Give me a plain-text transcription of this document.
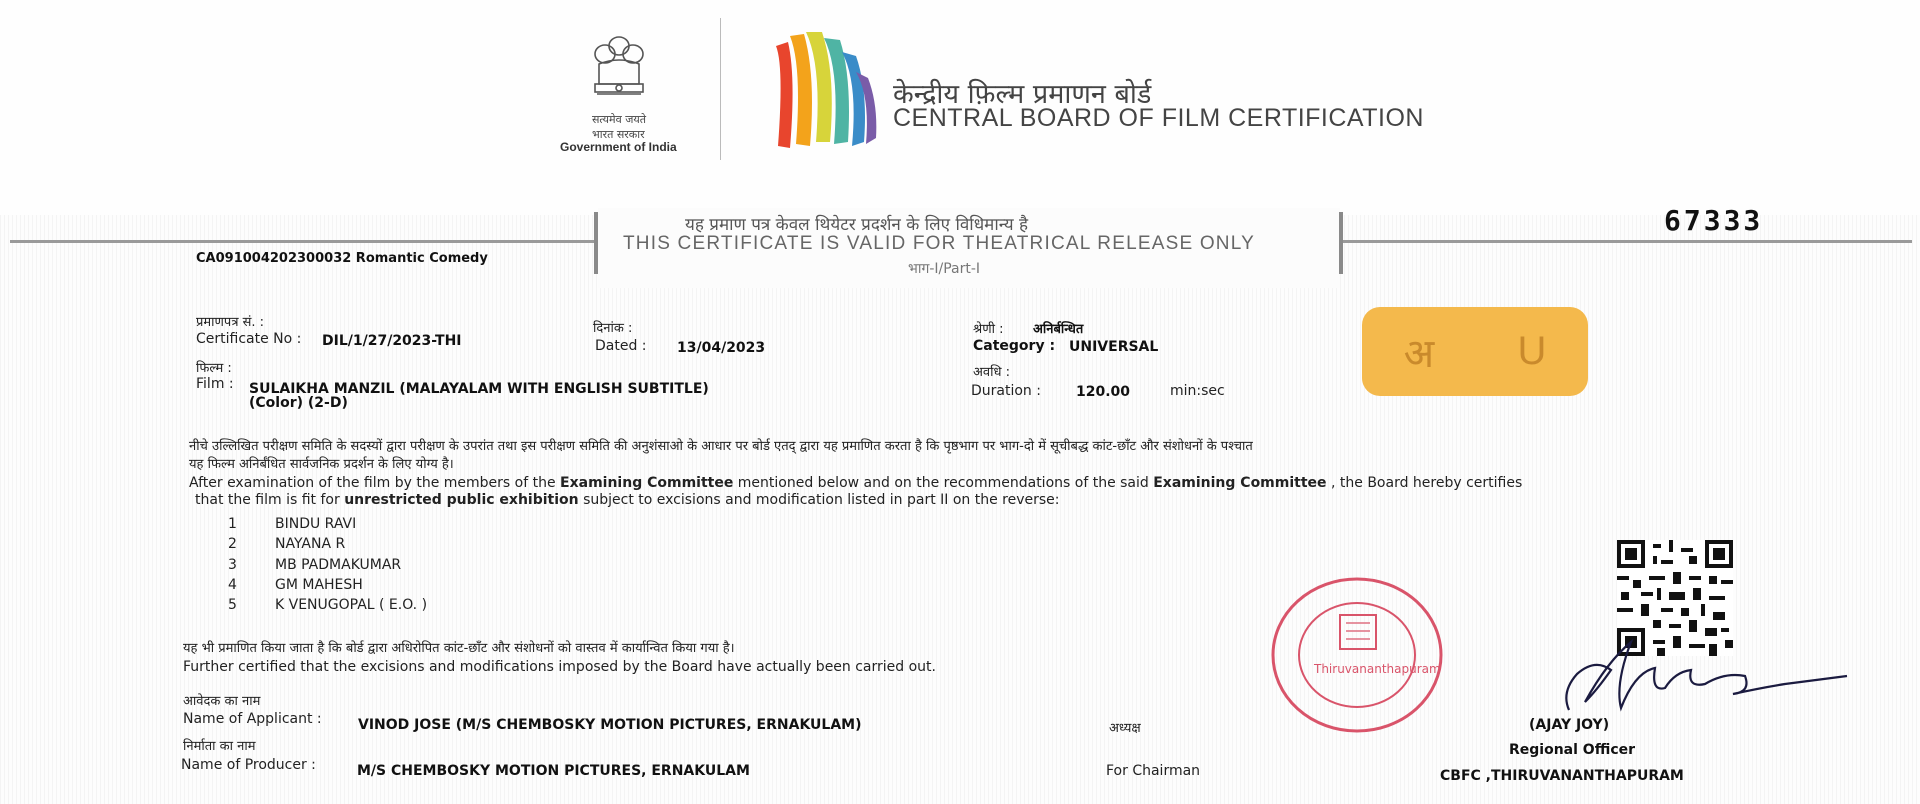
सत्यमेव जयते
भारत सरकार
Government of India
केन्द्रीय फ़िल्म प्रमाणन बोर्ड
CENTRAL BOARD OF FILM CERTIFICATION
यह प्रमाण पत्र केवल थियेटर प्रदर्शन के लिए विधिमान्य है
THIS CERTIFICATE IS VALID FOR THEATRICAL RELEASE ONLY
भाग-I/Part-I
67333
CA091004202300032 Romantic Comedy
प्रमाणपत्र सं. :
Certificate No : DIL/1/27/2023-THI
दिनांक :
Dated : 13/04/2023
श्रेणी : अनिर्बन्धित
Category : UNIVERSAL
फिल्म :
Film : SULAIKHA MANZIL (MALAYALAM WITH ENGLISH SUBTITLE)
(Color) (2-D)
अवधि :
Duration :	120.00	min:sec
अ U
नीचे उल्लिखित परीक्षण समिति के सदस्यों द्वारा परीक्षण के उपरांत तथा इस परीक्षण समिति की अनुशंसाओ के आधार पर बोर्ड एतद् द्वारा यह प्रमाणित करता है कि पृष्ठभाग पर भाग-दो में सूचीबद्ध कांट-छाँट और संशोधनों के पश्चात
यह फिल्म अनिर्बंधित सार्वजनिक प्रदर्शन के लिए योग्य है।
After examination of the film by the members of the Examining Committee mentioned below and on the recommendations of the said Examining Committee , the Board hereby certifies
that the film is fit for unrestricted public exhibition subject to excisions and modification listed in part II on the reverse:
1	BINDU RAVI
2	NAYANA R
3	MB PADMAKUMAR
4	GM MAHESH
5	K VENUGOPAL ( E.O. )
यह भी प्रमाणित किया जाता है कि बोर्ड द्वारा अधिरोपित कांट-छाँट और संशोधनों को वास्तव में कार्यान्वित किया गया है।
Further certified that the excisions and modifications imposed by the Board have actually been carried out.
आवेदक का नाम
Name of Applicant :	VINOD JOSE (M/S CHEMBOSKY MOTION PICTURES, ERNAKULAM)
निर्माता का नाम
Name of Producer :	M/S CHEMBOSKY MOTION PICTURES, ERNAKULAM
अध्यक्ष
For Chairman
Thiruvananthapuram
(AJAY JOY)
Regional Officer
CBFC ,THIRUVANANTHAPURAM
